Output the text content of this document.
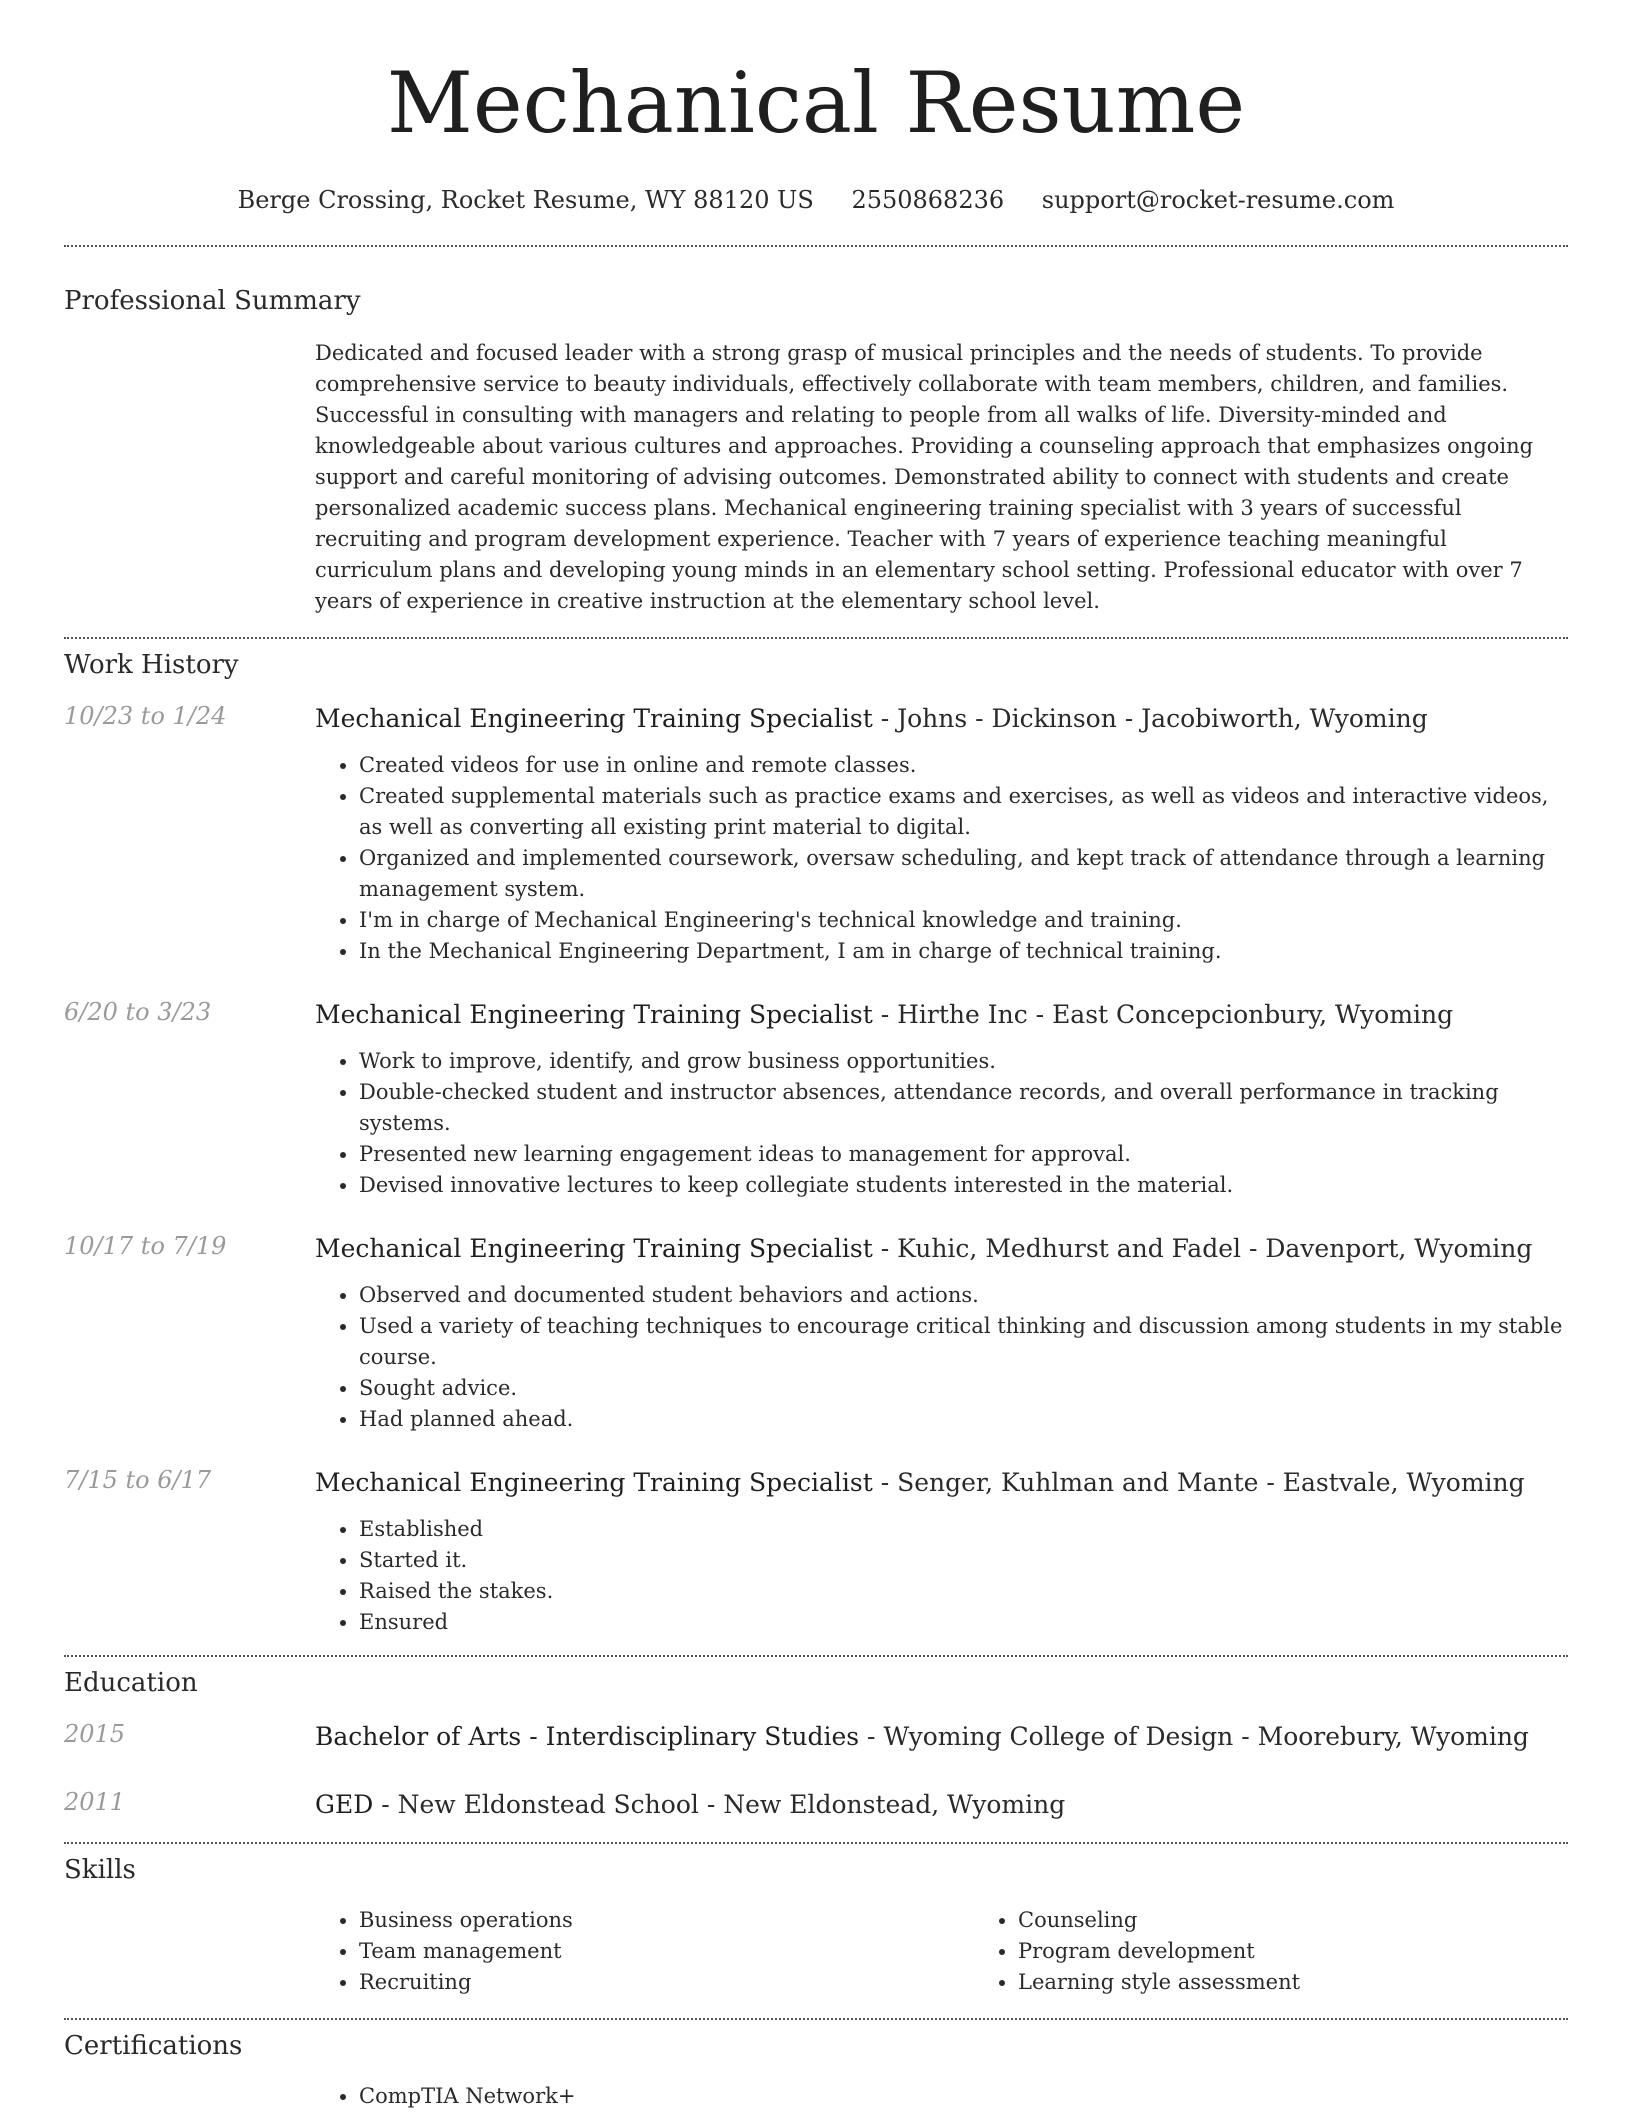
Mechanical Resume
Berge Crossing, Rocket Resume, WY 88120 US 2550868236 support@rocket-resume.com
Professional Summary

Dedicated and focused leader with a strong grasp of musical principles and the needs of students. To provide comprehensive service to beauty individuals, effectively collaborate with team members, children, and families. Successful in consulting with managers and relating to people from all walks of life. Diversity-minded and knowledgeable about various cultures and approaches. Providing a counseling approach that emphasizes ongoing support and careful monitoring of advising outcomes. Demonstrated ability to connect with students and create personalized academic success plans. Mechanical engineering training specialist with 3 years of successful recruiting and program development experience. Teacher with 7 years of experience teaching meaningful curriculum plans and developing young minds in an elementary school setting. Professional educator with over 7 years of experience in creative instruction at the elementary school level.

Work History
10/23 to 1/24	Mechanical Engineering Training Specialist - Johns - Dickinson - Jacobiworth, Wyoming
• Created videos for use in online and remote classes.
• Created supplemental materials such as practice exams and exercises, as well as videos and interactive videos, as well as converting all existing print material to digital.
• Organized and implemented coursework, oversaw scheduling, and kept track of attendance through a learning management system.
• I'm in charge of Mechanical Engineering's technical knowledge and training.
• In the Mechanical Engineering Department, I am in charge of technical training.
6/20 to 3/23	Mechanical Engineering Training Specialist - Hirthe Inc - East Concepcionbury, Wyoming
• Work to improve, identify, and grow business opportunities.
• Double-checked student and instructor absences, attendance records, and overall performance in tracking systems.
• Presented new learning engagement ideas to management for approval.
• Devised innovative lectures to keep collegiate students interested in the material.
10/17 to 7/19	Mechanical Engineering Training Specialist - Kuhic, Medhurst and Fadel - Davenport, Wyoming
• Observed and documented student behaviors and actions.
• Used a variety of teaching techniques to encourage critical thinking and discussion among students in my stable course.
• Sought advice.
• Had planned ahead.
7/15 to 6/17	Mechanical Engineering Training Specialist - Senger, Kuhlman and Mante - Eastvale, Wyoming
• Established
• Started it.
• Raised the stakes.
• Ensured
Education
2015	Bachelor of Arts - Interdisciplinary Studies - Wyoming College of Design - Moorebury, Wyoming
2011	GED - New Eldonstead School - New Eldonstead, Wyoming
Skills
• Business operations
• Team management
• Recruiting
• Counseling
• Program development
• Learning style assessment
Certifications
• CompTIA Network+
